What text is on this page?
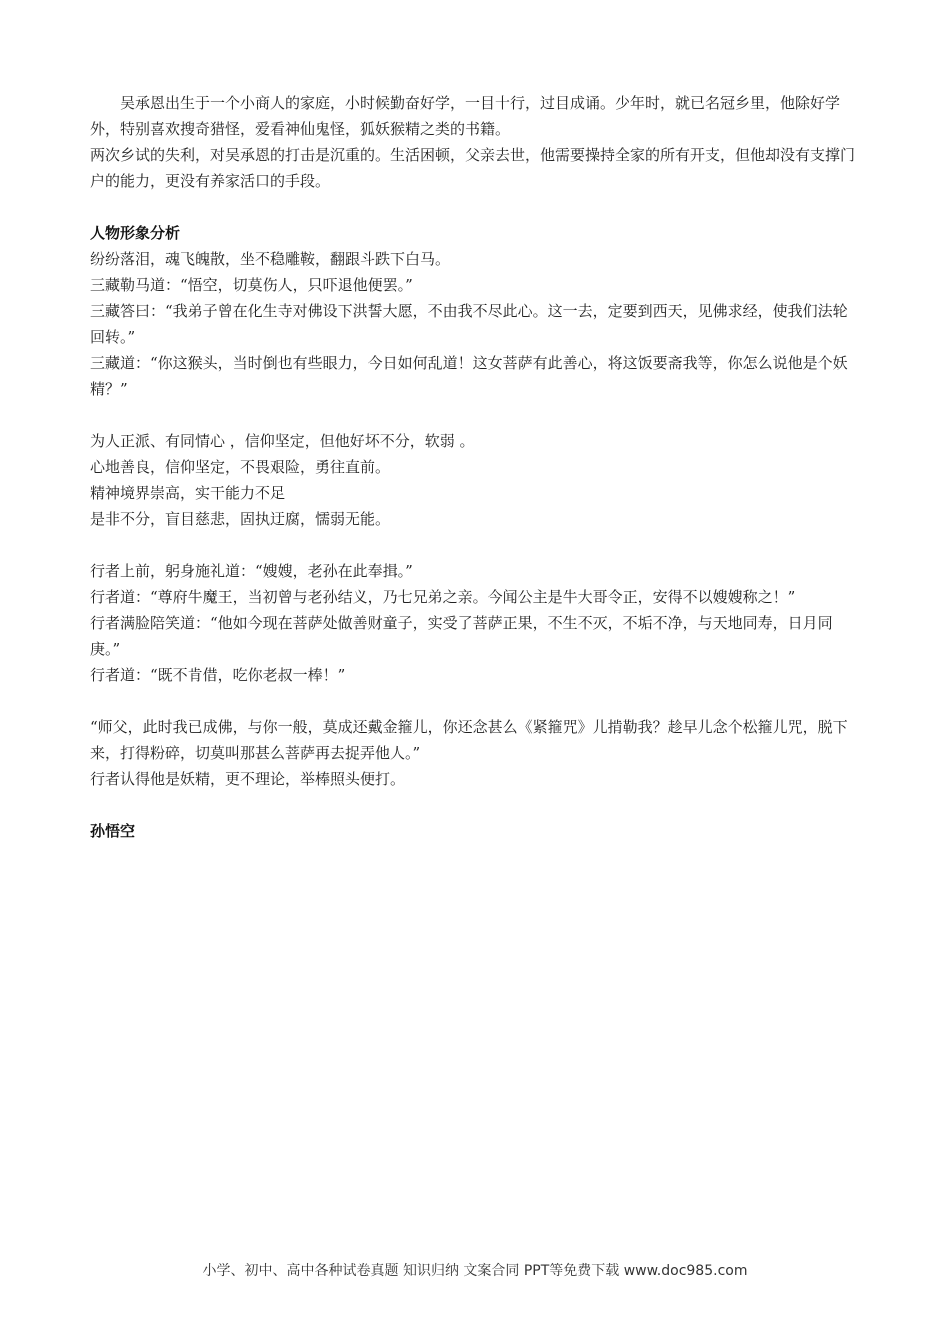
吴承恩出生于一个小商人的家庭，小时候勤奋好学，一目十行，过目成诵。少年时，就已名冠乡里，他除好学外，特别喜欢搜奇猎怪，爱看神仙鬼怪，狐妖猴精之类的书籍。

两次乡试的失利，对吴承恩的打击是沉重的。生活困顿，父亲去世，他需要操持全家的所有开支，但他却没有支撑门户的能力，更没有养家活口的手段。

人物形象分析

纷纷落泪，魂飞魄散，坐不稳雕鞍，翻跟斗跌下白马。

三藏勒马道：“悟空，切莫伤人，只吓退他便罢。”

三藏答曰：“我弟子曾在化生寺对佛设下洪誓大愿，不由我不尽此心。这一去，定要到西天，见佛求经，使我们法轮回转。”

三藏道：“你这猴头，当时倒也有些眼力，今日如何乱道！这女菩萨有此善心，将这饭要斋我等，你怎么说他是个妖精？”

为人正派、有同情心 ，信仰坚定，但他好坏不分，软弱 。

心地善良，信仰坚定，不畏艰险，勇往直前。

精神境界崇高，实干能力不足

是非不分，盲目慈悲，固执迂腐，懦弱无能。

行者上前，躬身施礼道：“嫂嫂，老孙在此奉揖。”

行者道：“尊府牛魔王，当初曾与老孙结义，乃七兄弟之亲。今闻公主是牛大哥令正，安得不以嫂嫂称之！”

行者满脸陪笑道：“他如今现在菩萨处做善财童子，实受了菩萨正果，不生不灭，不垢不净，与天地同寿，日月同庚。”

行者道：“既不肯借，吃你老叔一棒！”

“师父，此时我已成佛，与你一般，莫成还戴金箍儿，你还念甚么《紧箍咒》儿掯勒我？趁早儿念个松箍儿咒，脱下来，打得粉碎，切莫叫那甚么菩萨再去捉弄他人。”

行者认得他是妖精，更不理论，举棒照头便打。

孙悟空

小学、初中、高中各种试卷真题 知识归纳 文案合同 PPT等免费下载 www.doc985.com
